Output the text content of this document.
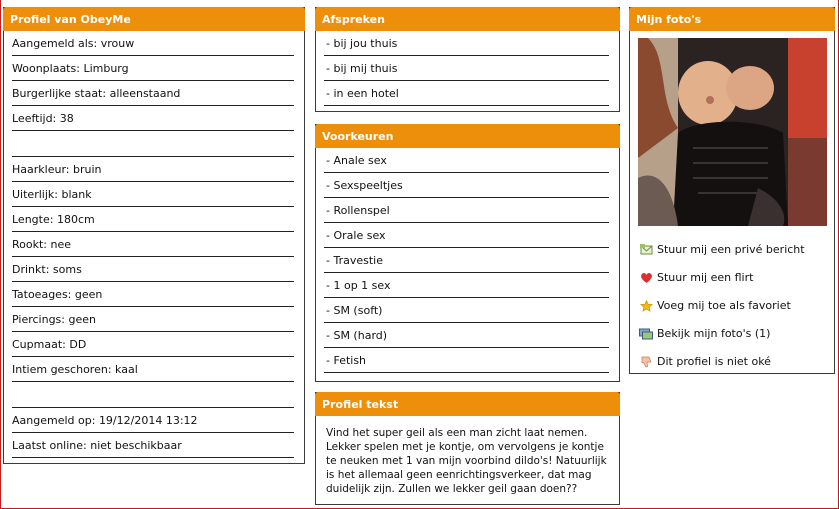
Profiel van ObeyMe
Aangemeld als: vrouw
Woonplaats: Limburg
Burgerlijke staat: alleenstaand
Leeftijd: 38
Haarkleur: bruin
Uiterlijk: blank
Lengte: 180cm
Rookt: nee
Drinkt: soms
Tatoeages: geen
Piercings: geen
Cupmaat: DD
Intiem geschoren: kaal
Aangemeld op: 19/12/2014 13:12
Laatst online: niet beschikbaar
Afspreken
- bij jou thuis
- bij mij thuis
- in een hotel
Voorkeuren
- Anale sex
- Sexspeeltjes
- Rollenspel
- Orale sex
- Travestie
- 1 op 1 sex
- SM (soft)
- SM (hard)
- Fetish
Profiel tekst
Vind het super geil als een man zicht laat nemen. Lekker spelen met je kontje, om vervolgens je kontje te neuken met 1 van mijn voorbind dildo's! Natuurlijk is het allemaal geen eenrichtingsverkeer, dat mag duidelijk zijn. Zullen we lekker geil gaan doen??
Mijn foto's
Stuur mij een privé bericht
Stuur mij een flirt
Voeg mij toe als favoriet
Bekijk mijn foto's (1)
Dit profiel is niet oké
